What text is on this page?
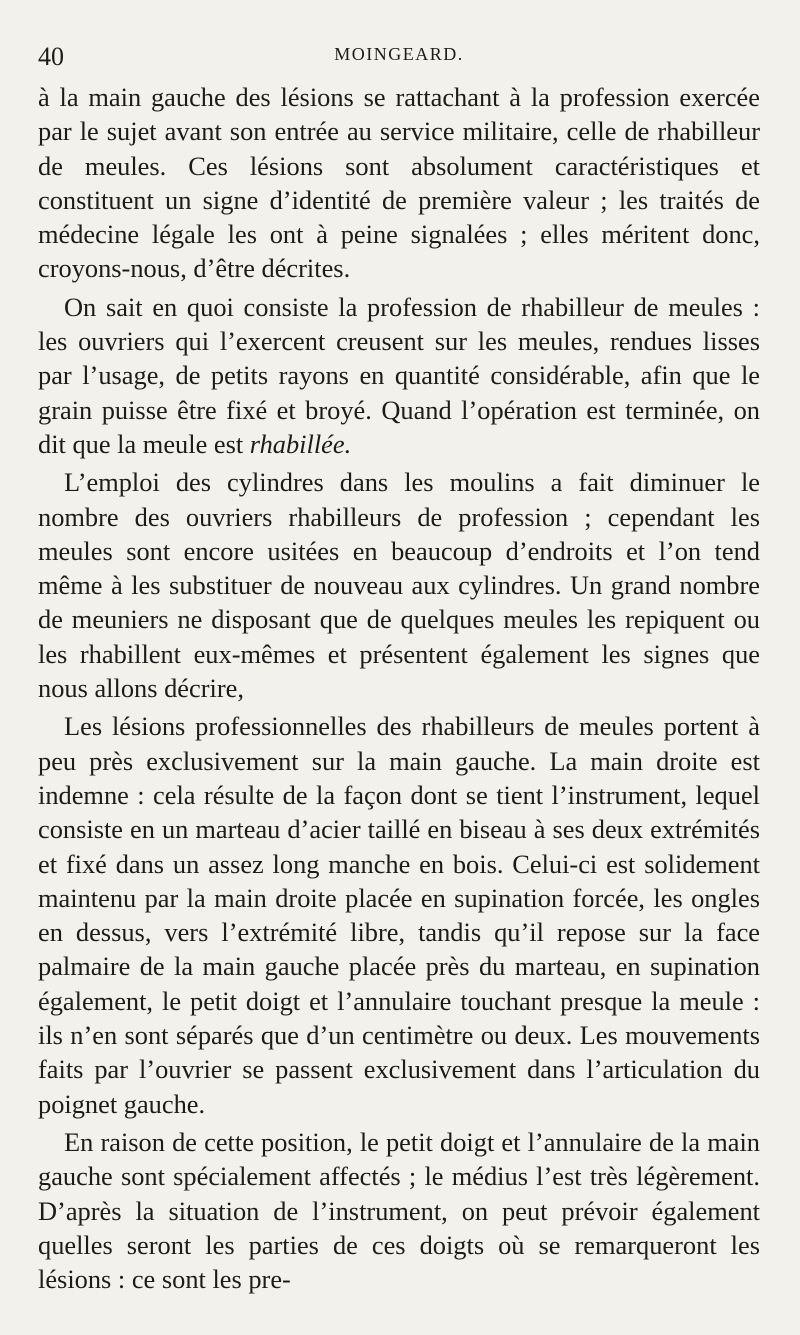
40	MOINGEARD.

à la main gauche des lésions se rattachant à la profession exercée par le sujet avant son entrée au service militaire, celle de rhabilleur de meules. Ces lésions sont absolument caractéristiques et constituent un signe d’identité de première valeur ; les traités de médecine légale les ont à peine signalées ; elles méritent donc, croyons-nous, d’être décrites.

On sait en quoi consiste la profession de rhabilleur de meules : les ouvriers qui l’exercent creusent sur les meules, rendues lisses par l’usage, de petits rayons en quantité considérable, afin que le grain puisse être fixé et broyé. Quand l’opération est terminée, on dit que la meule est rhabillée.

L’emploi des cylindres dans les moulins a fait diminuer le nombre des ouvriers rhabilleurs de profession ; cependant les meules sont encore usitées en beaucoup d’endroits et l’on tend même à les substituer de nouveau aux cylindres. Un grand nombre de meuniers ne disposant que de quelques meules les repiquent ou les rhabillent eux-mêmes et présentent également les signes que nous allons décrire,

Les lésions professionnelles des rhabilleurs de meules portent à peu près exclusivement sur la main gauche. La main droite est indemne : cela résulte de la façon dont se tient l’instrument, lequel consiste en un marteau d’acier taillé en biseau à ses deux extrémités et fixé dans un assez long manche en bois. Celui-ci est solidement maintenu par la main droite placée en supination forcée, les ongles en dessus, vers l’extrémité libre, tandis qu’il repose sur la face palmaire de la main gauche placée près du marteau, en supination également, le petit doigt et l’annulaire touchant presque la meule : ils n’en sont séparés que d’un centimètre ou deux. Les mouvements faits par l’ouvrier se passent exclusivement dans l’articulation du poignet gauche.

En raison de cette position, le petit doigt et l’annulaire de la main gauche sont spécialement affectés ; le médius l’est très légèrement. D’après la situation de l’instrument, on peut prévoir également quelles seront les parties de ces doigts où se remarqueront les lésions : ce sont les pre-
